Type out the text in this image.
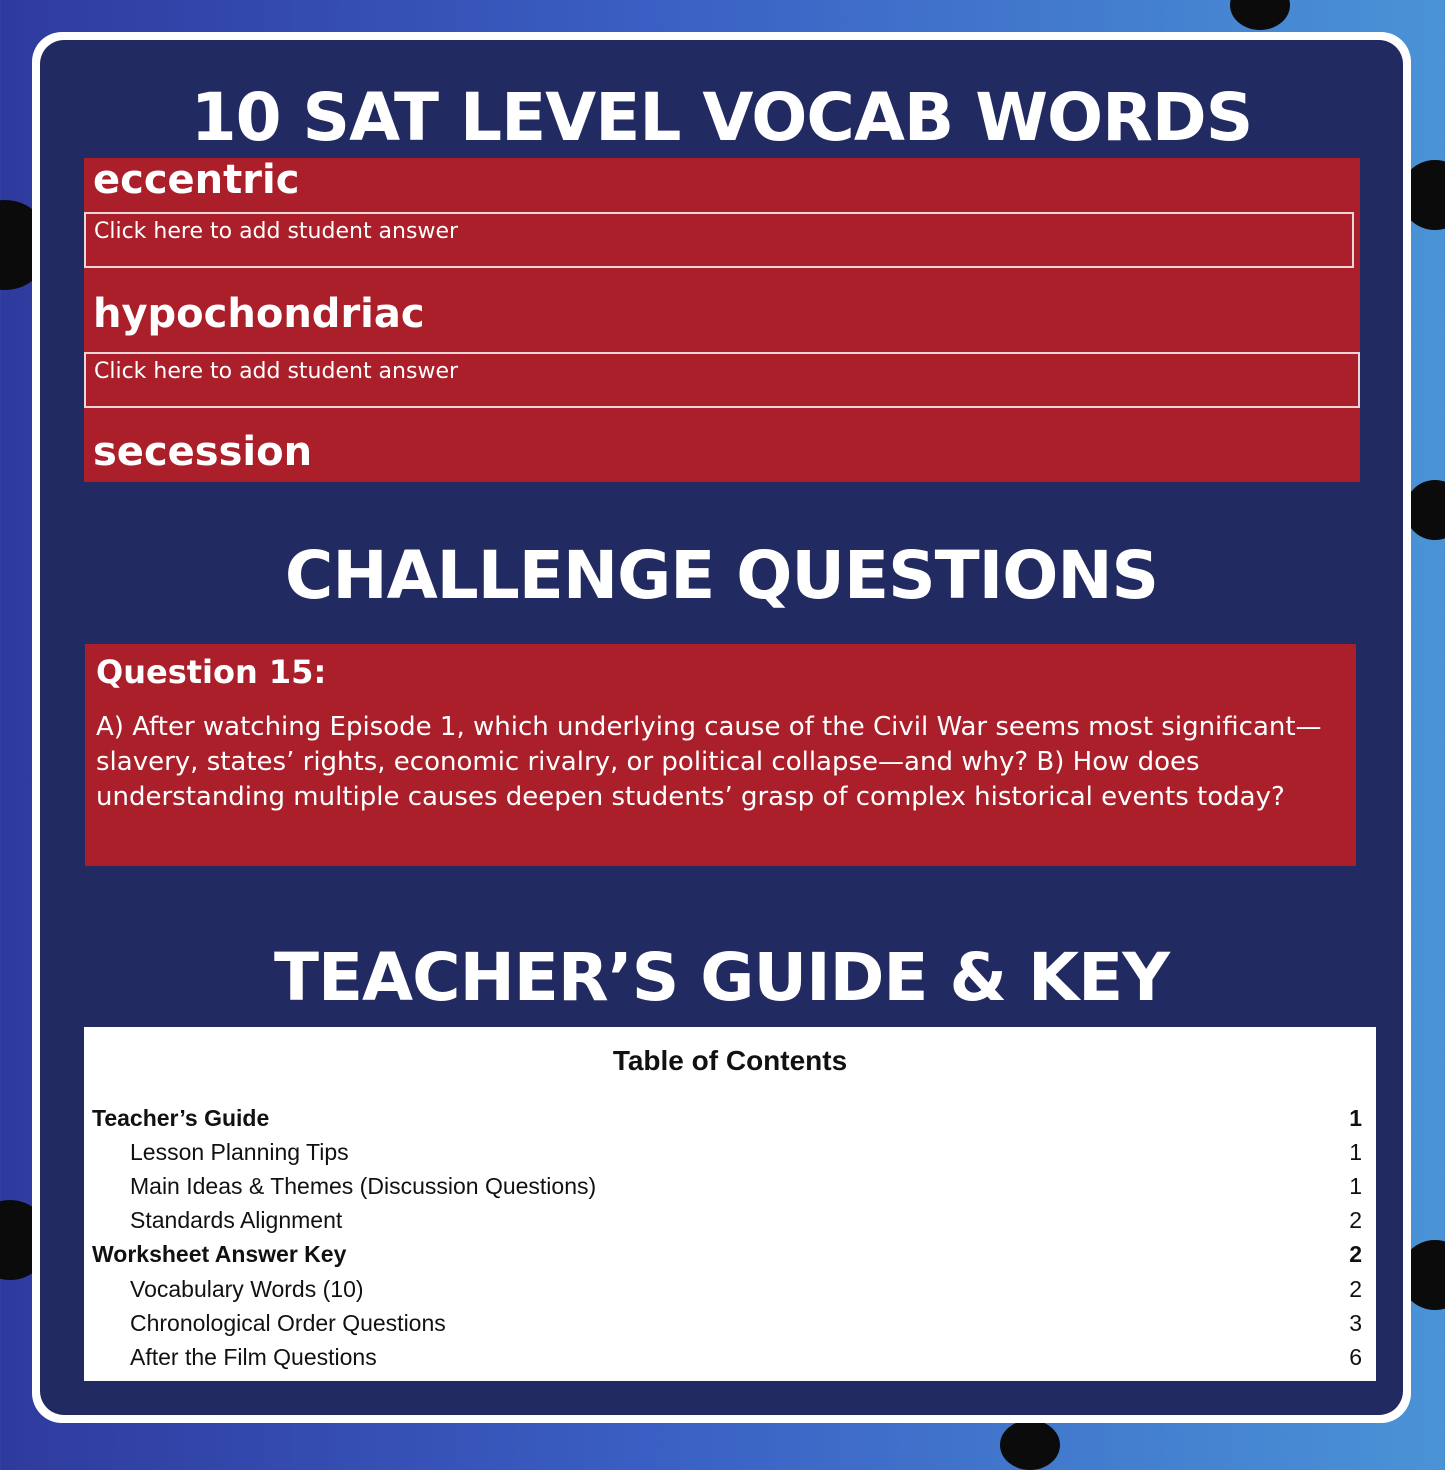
10 SAT LEVEL VOCAB WORDS
eccentric
Click here to add student answer
hypochondriac
Click here to add student answer
secession
CHALLENGE QUESTIONS

Question 15:

A) After watching Episode 1, which underlying cause of the Civil War seems most significant—slavery, states’ rights, economic rivalry, or political collapse—and why? B) How does understanding multiple causes deepen students’ grasp of complex historical events today?

TEACHER’S GUIDE & KEY
Table of Contents
Teacher’s Guide	1
Lesson Planning Tips	1
Main Ideas & Themes (Discussion Questions)	1
Standards Alignment	2
Worksheet Answer Key	2
Vocabulary Words (10)	2
Chronological Order Questions	3
After the Film Questions	6
